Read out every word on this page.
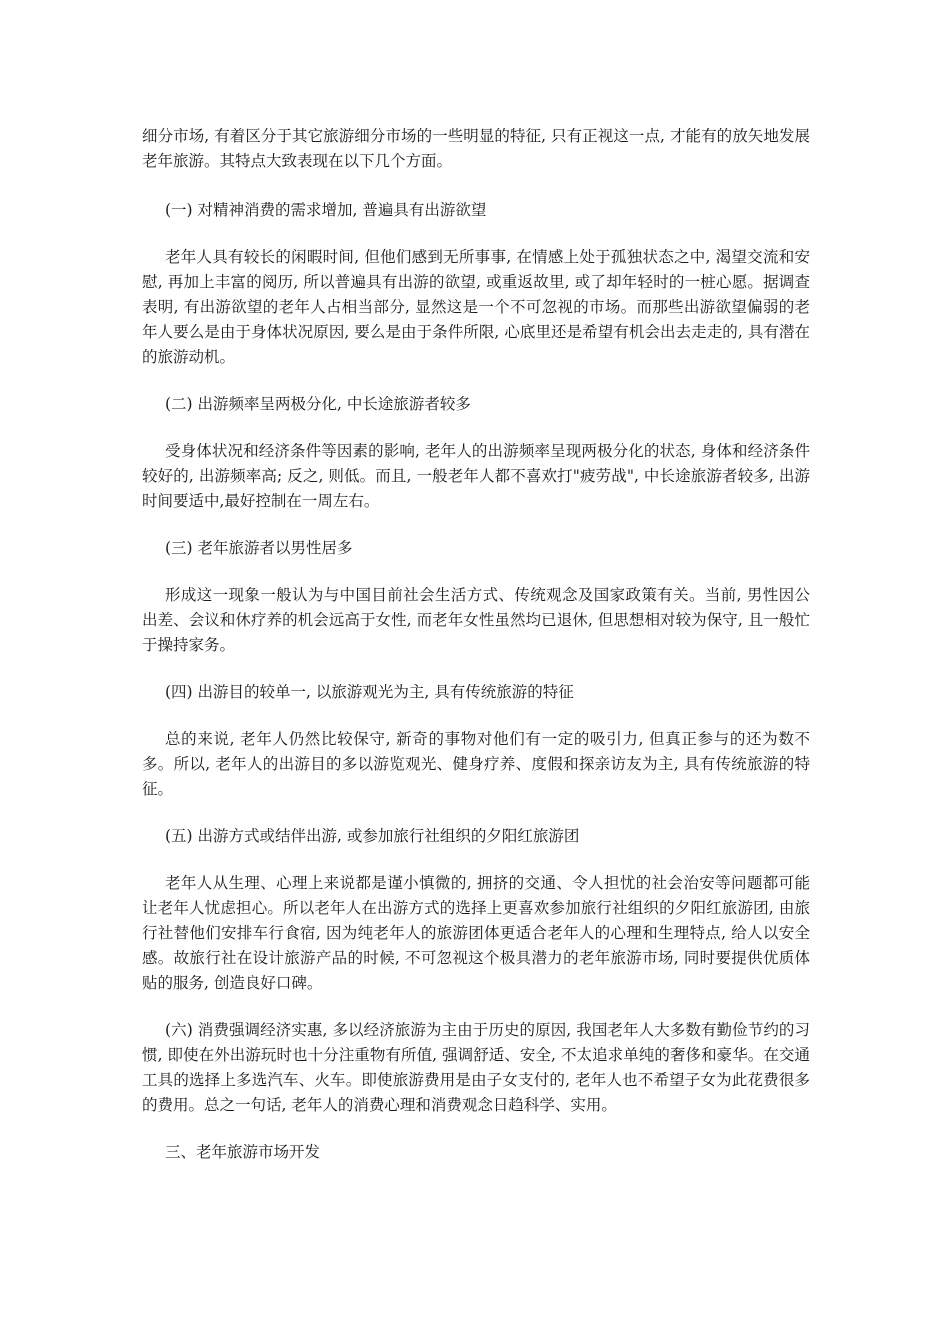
细分市场, 有着区分于其它旅游细分市场的一些明显的特征, 只有正视这一点, 才能有的放矢地发展老年旅游。其特点大致表现在以下几个方面。

(一) 对精神消费的需求增加, 普遍具有出游欲望

老年人具有较长的闲暇时间, 但他们感到无所事事, 在情感上处于孤独状态之中, 渴望交流和安慰, 再加上丰富的阅历, 所以普遍具有出游的欲望, 或重返故里, 或了却年轻时的一桩心愿。据调查表明, 有出游欲望的老年人占相当部分, 显然这是一个不可忽视的市场。而那些出游欲望偏弱的老年人要么是由于身体状况原因, 要么是由于条件所限, 心底里还是希望有机会出去走走的, 具有潜在的旅游动机。

(二) 出游频率呈两极分化, 中长途旅游者较多

受身体状况和经济条件等因素的影响, 老年人的出游频率呈现两极分化的状态, 身体和经济条件较好的, 出游频率高; 反之, 则低。而且, 一般老年人都不喜欢打"疲劳战", 中长途旅游者较多, 出游时间要适中,最好控制在一周左右。

(三) 老年旅游者以男性居多

形成这一现象一般认为与中国目前社会生活方式、传统观念及国家政策有关。当前, 男性因公出差、会议和休疗养的机会远高于女性, 而老年女性虽然均已退休, 但思想相对较为保守, 且一般忙于操持家务。

(四) 出游目的较单一, 以旅游观光为主, 具有传统旅游的特征

总的来说, 老年人仍然比较保守, 新奇的事物对他们有一定的吸引力, 但真正参与的还为数不多。所以, 老年人的出游目的多以游览观光、健身疗养、度假和探亲访友为主, 具有传统旅游的特征。

(五) 出游方式或结伴出游, 或参加旅行社组织的夕阳红旅游团

老年人从生理、心理上来说都是谨小慎微的, 拥挤的交通、令人担忧的社会治安等问题都可能让老年人忧虑担心。所以老年人在出游方式的选择上更喜欢参加旅行社组织的夕阳红旅游团, 由旅行社替他们安排车行食宿, 因为纯老年人的旅游团体更适合老年人的心理和生理特点, 给人以安全感。故旅行社在设计旅游产品的时候, 不可忽视这个极具潜力的老年旅游市场, 同时要提供优质体贴的服务, 创造良好口碑。

(六) 消费强调经济实惠, 多以经济旅游为主由于历史的原因, 我国老年人大多数有勤俭节约的习惯, 即使在外出游玩时也十分注重物有所值, 强调舒适、安全, 不太追求单纯的奢侈和豪华。在交通工具的选择上多选汽车、火车。即使旅游费用是由子女支付的, 老年人也不希望子女为此花费很多的费用。总之一句话, 老年人的消费心理和消费观念日趋科学、实用。

三、老年旅游市场开发
